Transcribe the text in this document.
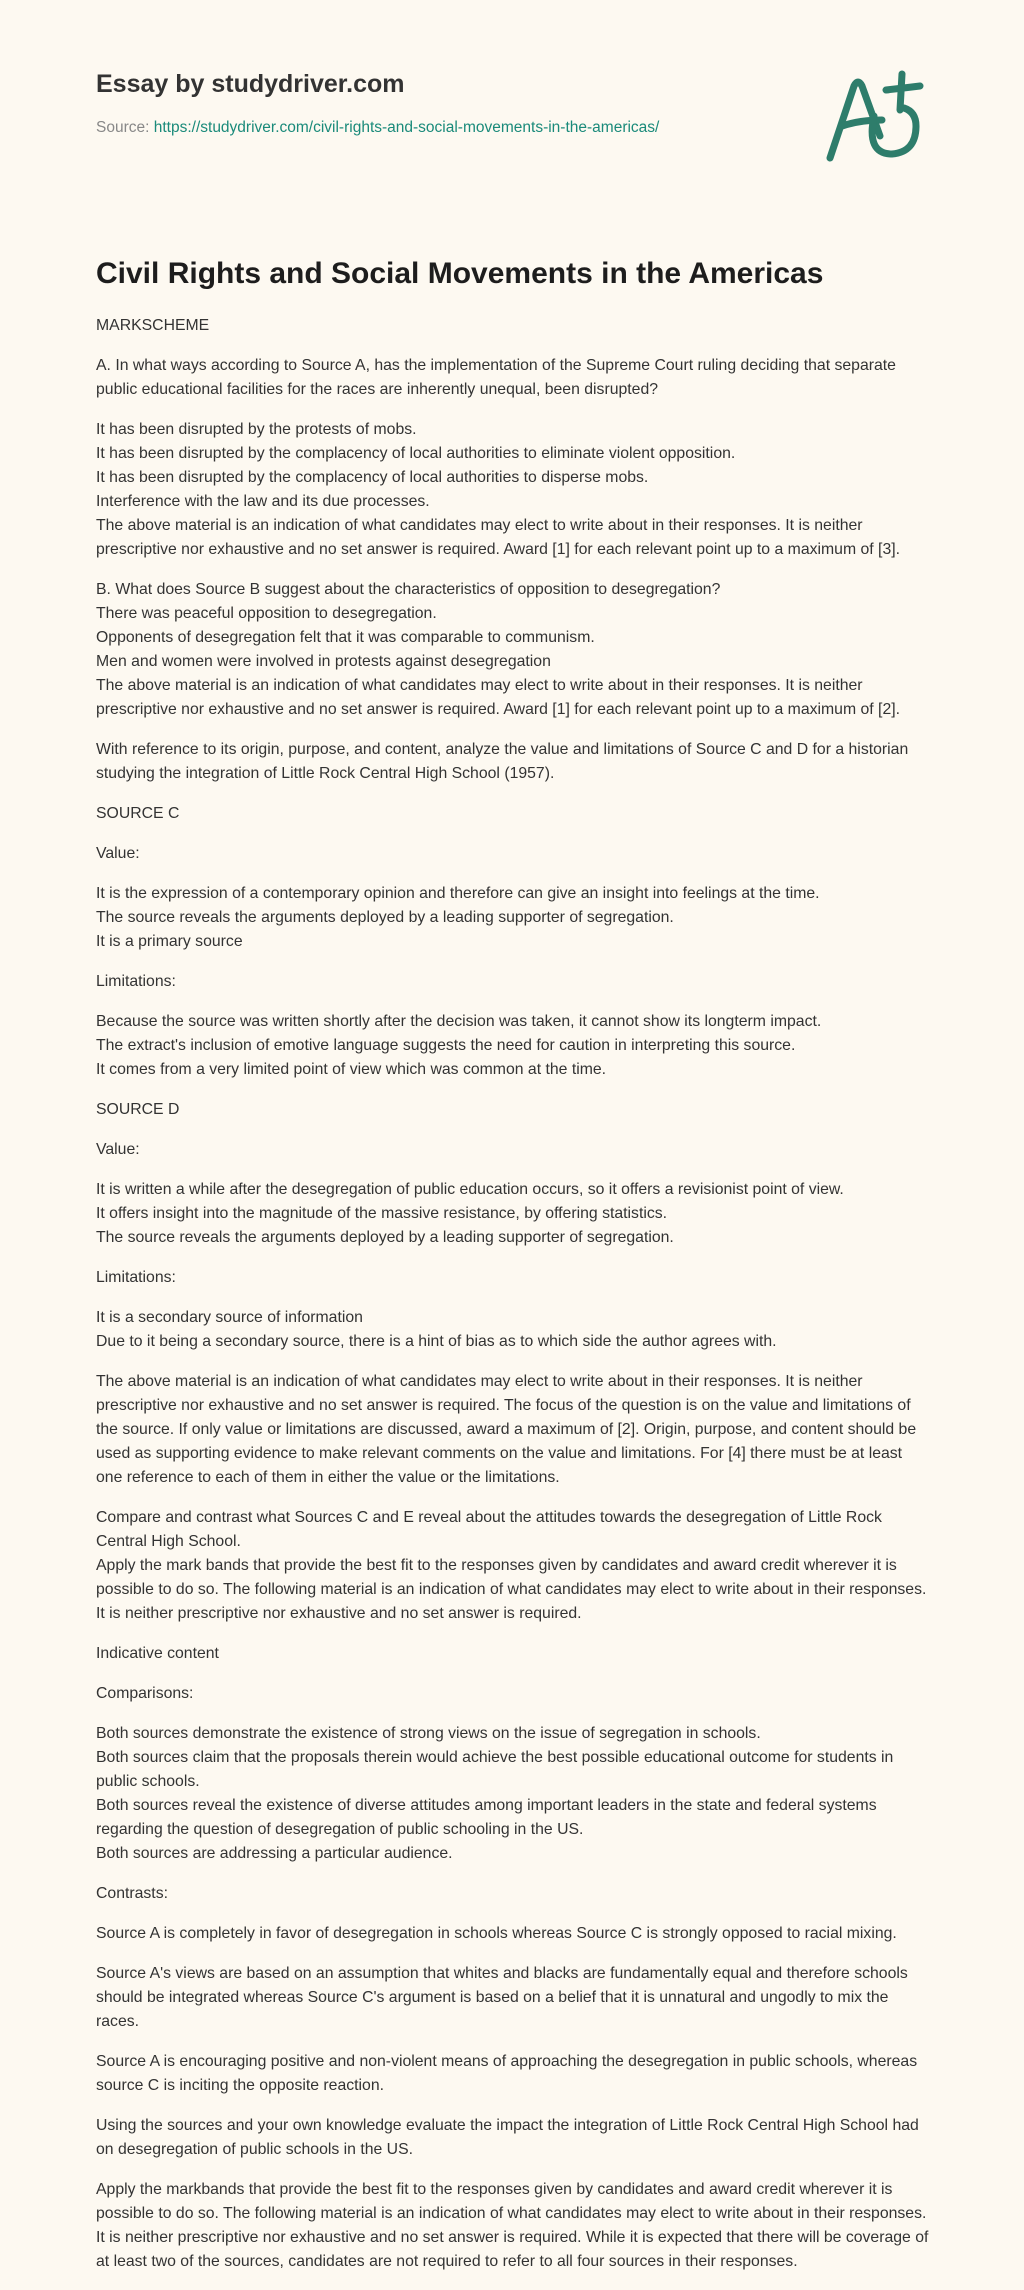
Essay by studydriver.com
Source: https://studydriver.com/civil-rights-and-social-movements-in-the-americas/
Civil Rights and Social Movements in the Americas
MARKSCHEME
A. In what ways according to Source A, has the implementation of the Supreme Court ruling deciding that separate public educational facilities for the races are inherently unequal, been disrupted?
It has been disrupted by the protests of mobs.
It has been disrupted by the complacency of local authorities to eliminate violent opposition.
It has been disrupted by the complacency of local authorities to disperse mobs.
Interference with the law and its due processes.
The above material is an indication of what candidates may elect to write about in their responses. It is neither prescriptive nor exhaustive and no set answer is required. Award [1] for each relevant point up to a maximum of [3].
B. What does Source B suggest about the characteristics of opposition to desegregation?
There was peaceful opposition to desegregation.
Opponents of desegregation felt that it was comparable to communism.
Men and women were involved in protests against desegregation
The above material is an indication of what candidates may elect to write about in their responses. It is neither prescriptive nor exhaustive and no set answer is required. Award [1] for each relevant point up to a maximum of [2].
With reference to its origin, purpose, and content, analyze the value and limitations of Source C and D for a historian studying the integration of Little Rock Central High School (1957).
SOURCE C
Value:
It is the expression of a contemporary opinion and therefore can give an insight into feelings at the time.
The source reveals the arguments deployed by a leading supporter of segregation.
It is a primary source
Limitations:
Because the source was written shortly after the decision was taken, it cannot show its longterm impact.
The extract's inclusion of emotive language suggests the need for caution in interpreting this source.
It comes from a very limited point of view which was common at the time.
SOURCE D
Value:
It is written a while after the desegregation of public education occurs, so it offers a revisionist point of view.
It offers insight into the magnitude of the massive resistance, by offering statistics.
The source reveals the arguments deployed by a leading supporter of segregation.
Limitations:
It is a secondary source of information
Due to it being a secondary source, there is a hint of bias as to which side the author agrees with.
The above material is an indication of what candidates may elect to write about in their responses. It is neither prescriptive nor exhaustive and no set answer is required. The focus of the question is on the value and limitations of the source. If only value or limitations are discussed, award a maximum of [2]. Origin, purpose, and content should be used as supporting evidence to make relevant comments on the value and limitations. For [4] there must be at least one reference to each of them in either the value or the limitations.
Compare and contrast what Sources C and E reveal about the attitudes towards the desegregation of Little Rock Central High School.
Apply the mark bands that provide the best fit to the responses given by candidates and award credit wherever it is possible to do so. The following material is an indication of what candidates may elect to write about in their responses. It is neither prescriptive nor exhaustive and no set answer is required.
Indicative content
Comparisons:
Both sources demonstrate the existence of strong views on the issue of segregation in schools.
Both sources claim that the proposals therein would achieve the best possible educational outcome for students in public schools.
Both sources reveal the existence of diverse attitudes among important leaders in the state and federal systems regarding the question of desegregation of public schooling in the US.
Both sources are addressing a particular audience.
Contrasts:
Source A is completely in favor of desegregation in schools whereas Source C is strongly opposed to racial mixing.
Source A's views are based on an assumption that whites and blacks are fundamentally equal and therefore schools should be integrated whereas Source C's argument is based on a belief that it is unnatural and ungodly to mix the races.
Source A is encouraging positive and non-violent means of approaching the desegregation in public schools, whereas source C is inciting the opposite reaction.
Using the sources and your own knowledge evaluate the impact the integration of Little Rock Central High School had on desegregation of public schools in the US.
Apply the markbands that provide the best fit to the responses given by candidates and award credit wherever it is possible to do so. The following material is an indication of what candidates may elect to write about in their responses. It is neither prescriptive nor exhaustive and no set answer is required. While it is expected that there will be coverage of at least two of the sources, candidates are not required to refer to all four sources in their responses.
